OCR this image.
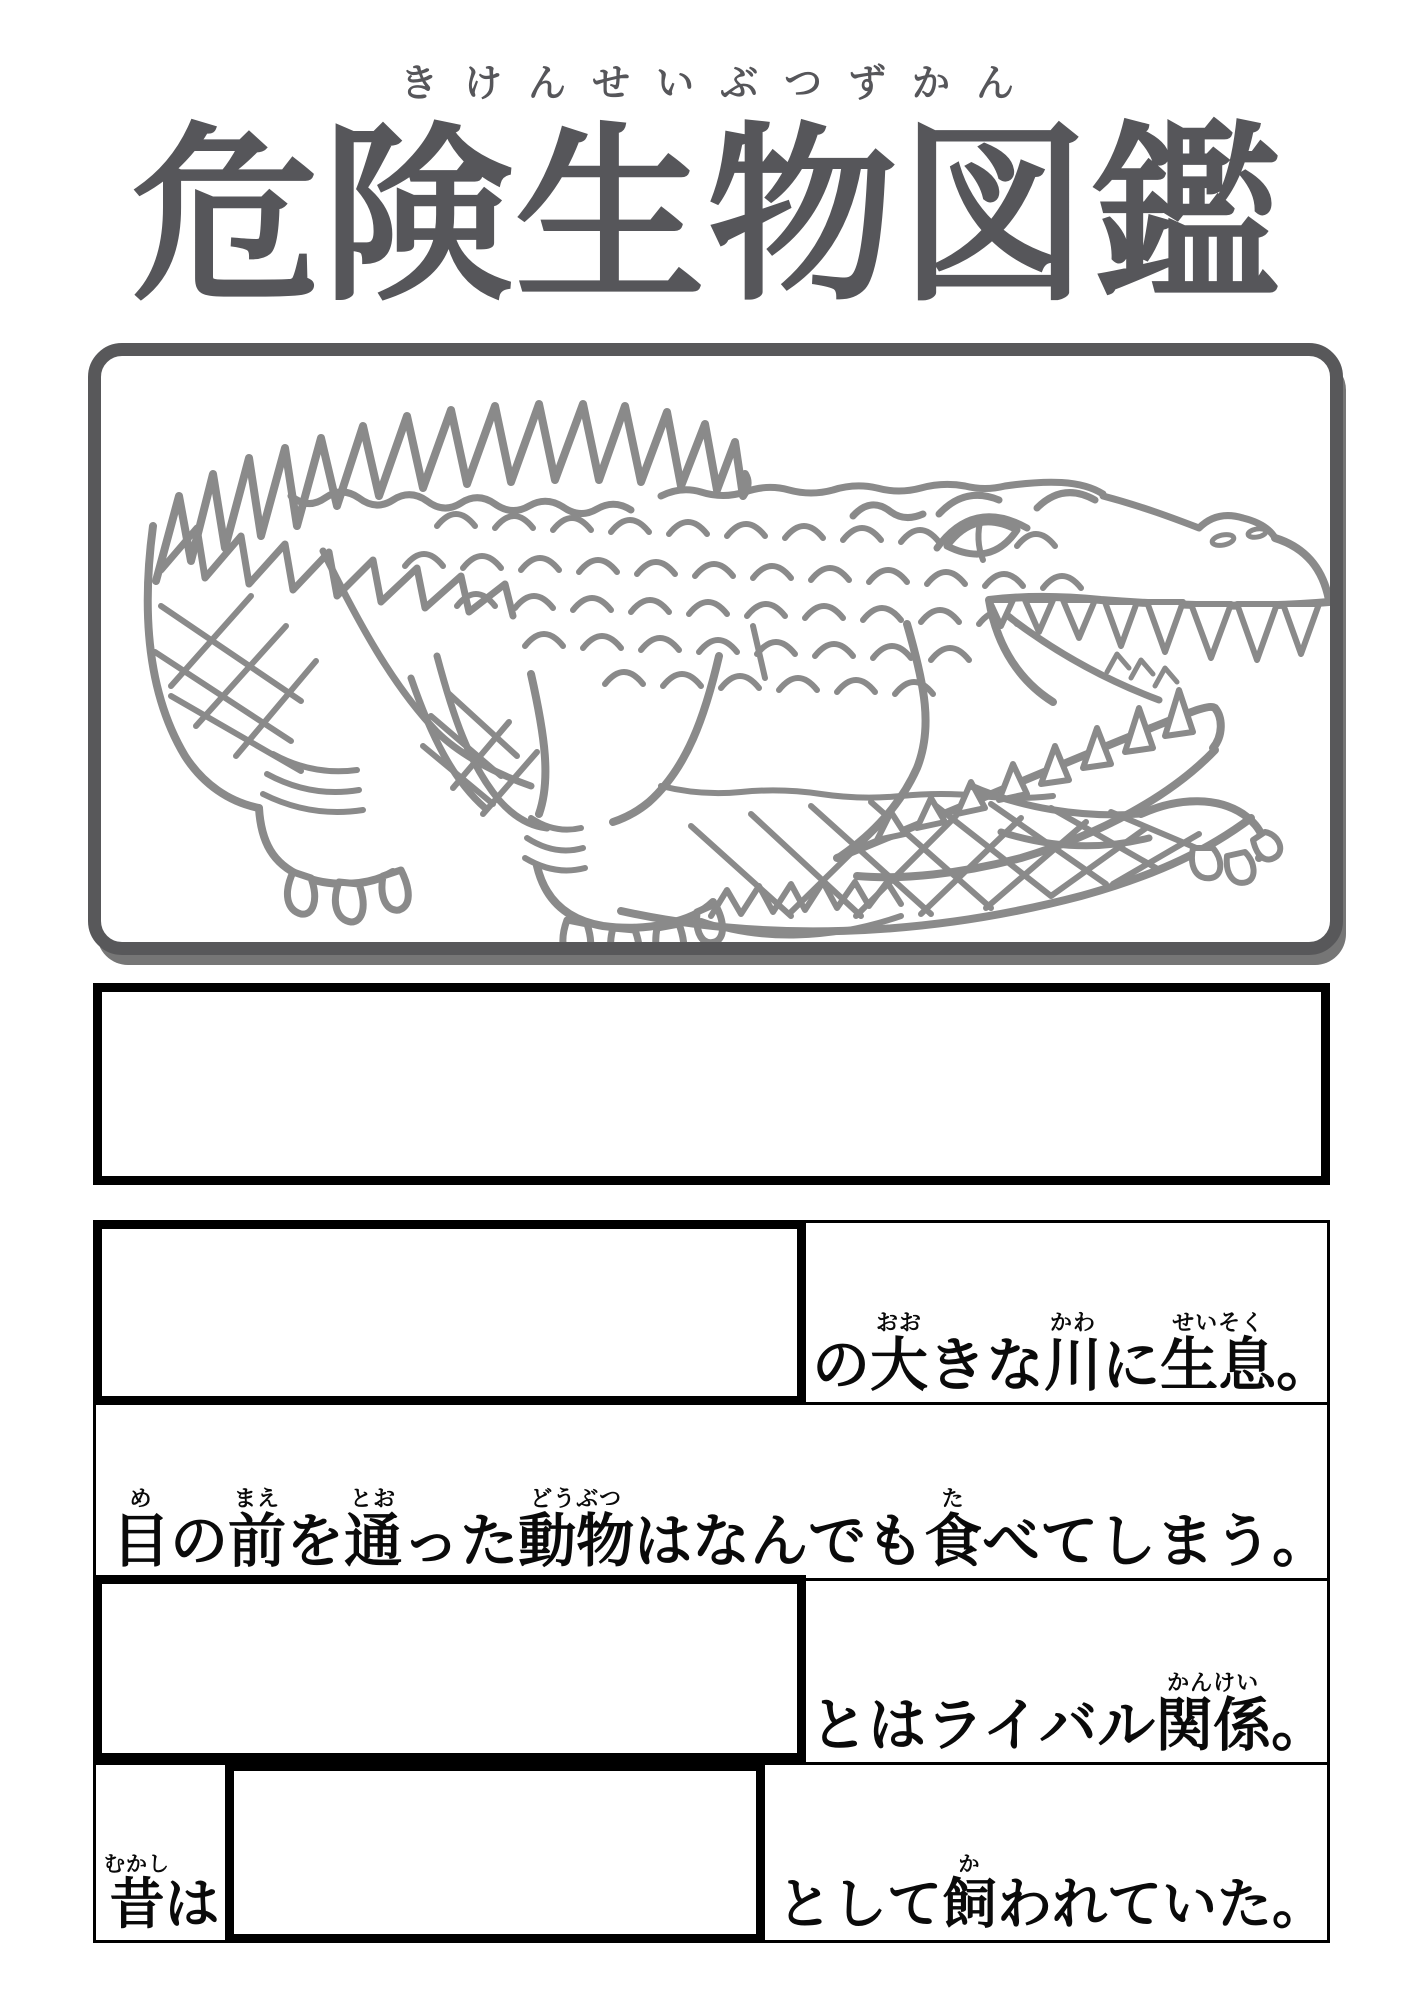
きけんせいぶつずかん
危険生物図鑑
の大おおきな川かわに生息せいそく。
目めの前まえを通とおった動物どうぶつはなんでも食たべてしまう。
とはライバル関係かんけい。
昔むかしは	として飼かわれていた。
